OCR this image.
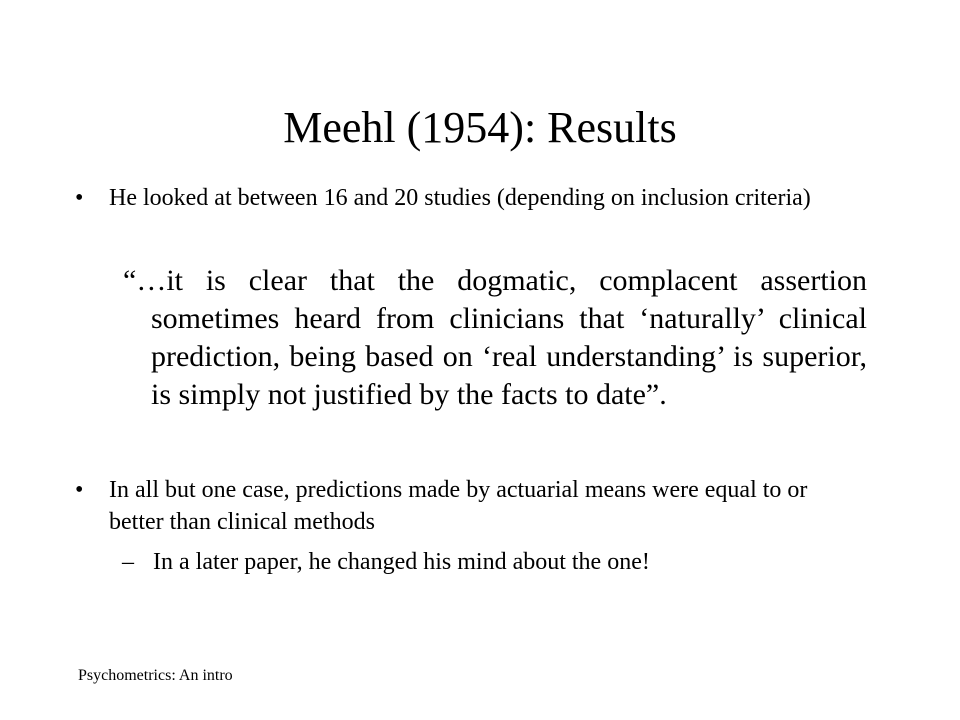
Meehl (1954): Results
•	He looked at between 16 and 20 studies (depending on inclusion criteria)
“…it is clear that the dogmatic, complacent assertion sometimes heard from clinicians that ‘naturally’ clinical prediction, being based on ‘real understanding’ is superior, is simply not justified by the facts to date”.
•	In all but one case, predictions made by actuarial means were equal to or better than clinical methods
– In a later paper, he changed his mind about the one!
Psychometrics: An intro
